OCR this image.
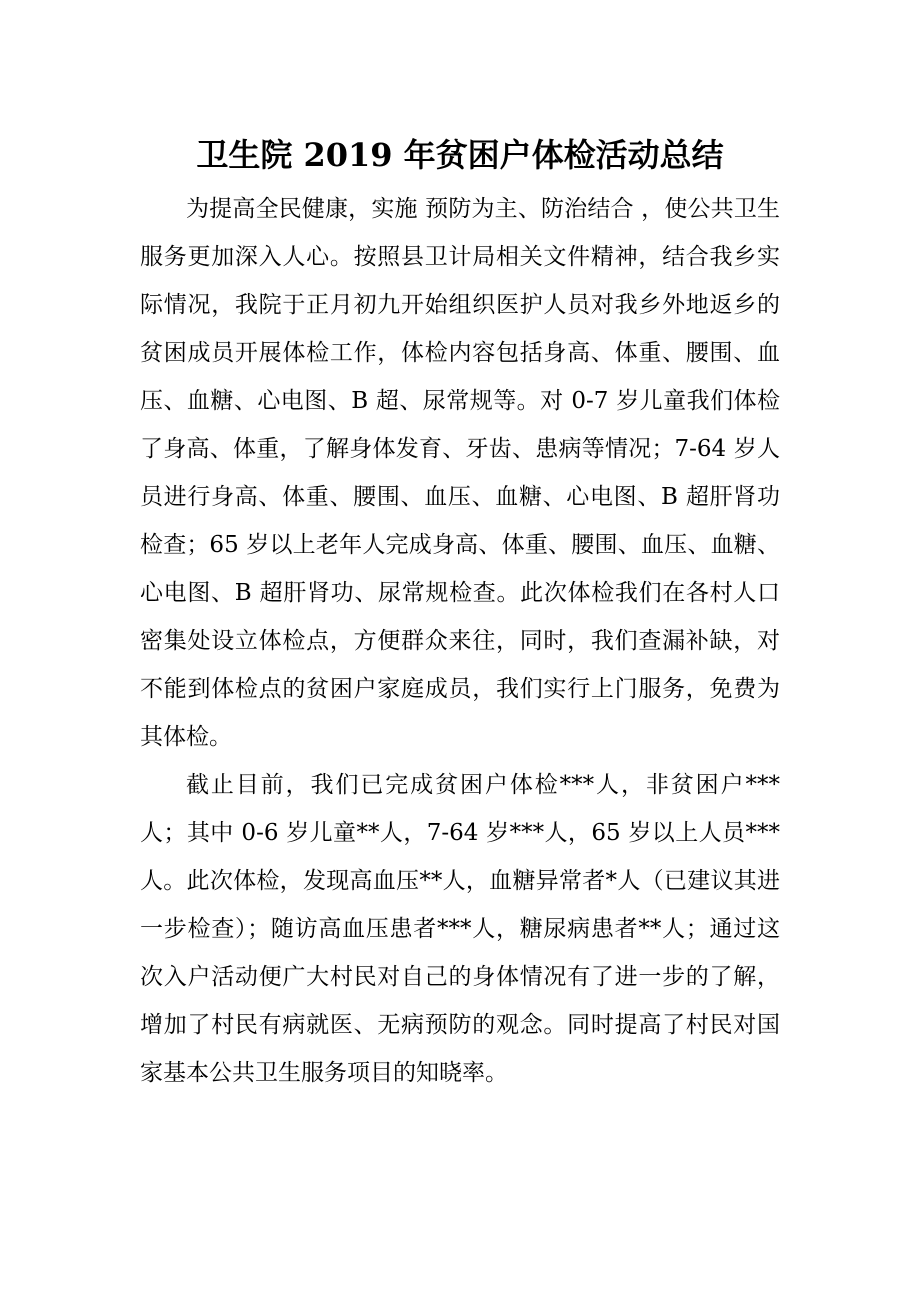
卫生院 2019 年贫困户体检活动总结

为提高全民健康，实施 预防为主、防治结合 ，使公共卫生服务更加深入人心。按照县卫计局相关文件精神，结合我乡实际情况，我院于正月初九开始组织医护人员对我乡外地返乡的贫困成员开展体检工作，体检内容包括身高、体重、腰围、血压、血糖、心电图、B 超、尿常规等。对 0-7 岁儿童我们体检了身高、体重，了解身体发育、牙齿、患病等情况；7-64 岁人员进行身高、体重、腰围、血压、血糖、心电图、B 超肝肾功检查；65 岁以上老年人完成身高、体重、腰围、血压、血糖、心电图、B 超肝肾功、尿常规检查。此次体检我们在各村人口密集处设立体检点，方便群众来往，同时，我们查漏补缺，对不能到体检点的贫困户家庭成员，我们实行上门服务，免费为其体检。

截止目前，我们已完成贫困户体检***人，非贫困户***人；其中 0-6 岁儿童**人，7-64 岁***人，65 岁以上人员***人。此次体检，发现高血压**人，血糖异常者*人（已建议其进一步检查）；随访高血压患者***人，糖尿病患者**人；通过这次入户活动便广大村民对自己的身体情况有了进一步的了解，增加了村民有病就医、无病预防的观念。同时提高了村民对国家基本公共卫生服务项目的知晓率。
